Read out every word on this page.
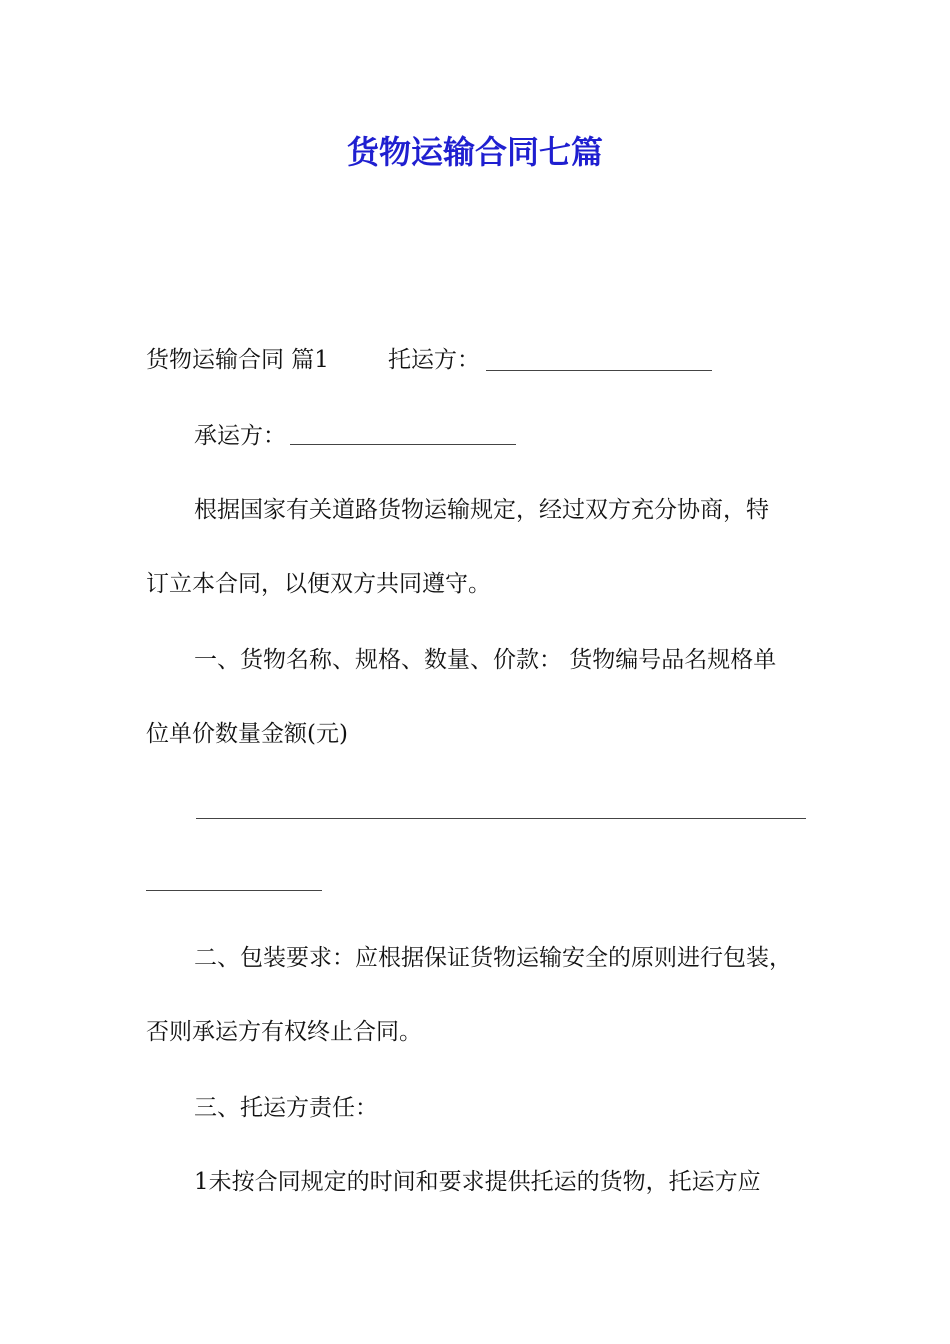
货物运输合同七篇
货物运输合同 篇1	托运方：
承运方：
根据国家有关道路货物运输规定，经过双方充分协商，特
订立本合同，以便双方共同遵守。
一、货物名称、规格、数量、价款： 货物编号品名规格单
位单价数量金额(元)
二、包装要求：应根据保证货物运输安全的原则进行包装，
否则承运方有权终止合同。
三、托运方责任：
1未按合同规定的时间和要求提供托运的货物，托运方应
